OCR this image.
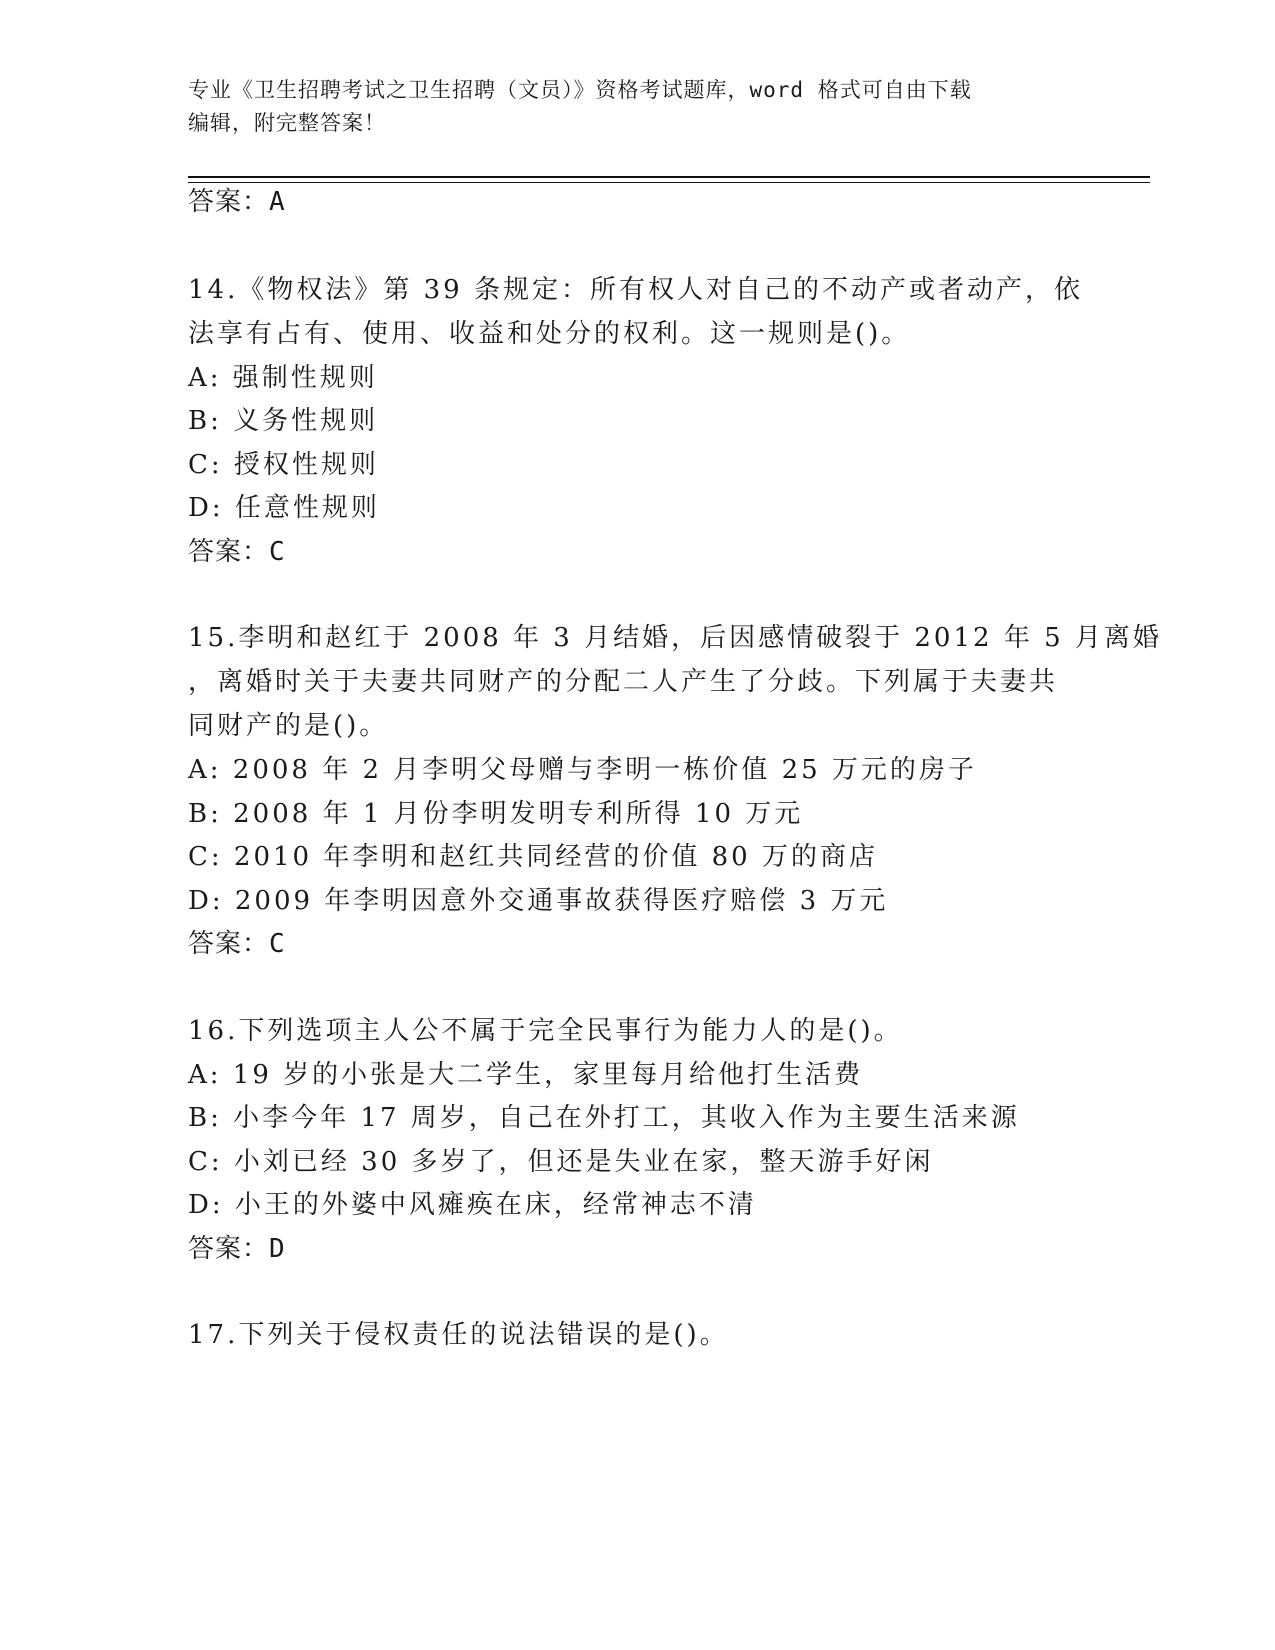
专业《卫生招聘考试之卫生招聘（文员）》资格考试题库，word 格式可自由下载
编辑，附完整答案！
答案：A
14.《物权法》第 39 条规定：所有权人对自己的不动产或者动产，依
法享有占有、使用、收益和处分的权利。这一规则是()。
A: 强制性规则
B: 义务性规则
C: 授权性规则
D: 任意性规则
答案：C
15.李明和赵红于 2008 年 3 月结婚，后因感情破裂于 2012 年 5 月离婚
，离婚时关于夫妻共同财产的分配二人产生了分歧。下列属于夫妻共
同财产的是()。
A: 2008 年 2 月李明父母赠与李明一栋价值 25 万元的房子
B: 2008 年 1 月份李明发明专利所得 10 万元
C: 2010 年李明和赵红共同经营的价值 80 万的商店
D: 2009 年李明因意外交通事故获得医疗赔偿 3 万元
答案：C
16.下列选项主人公不属于完全民事行为能力人的是()。
A: 19 岁的小张是大二学生，家里每月给他打生活费
B: 小李今年 17 周岁，自己在外打工，其收入作为主要生活来源
C: 小刘已经 30 多岁了，但还是失业在家，整天游手好闲
D: 小王的外婆中风瘫痪在床，经常神志不清
答案：D
17.下列关于侵权责任的说法错误的是()。
